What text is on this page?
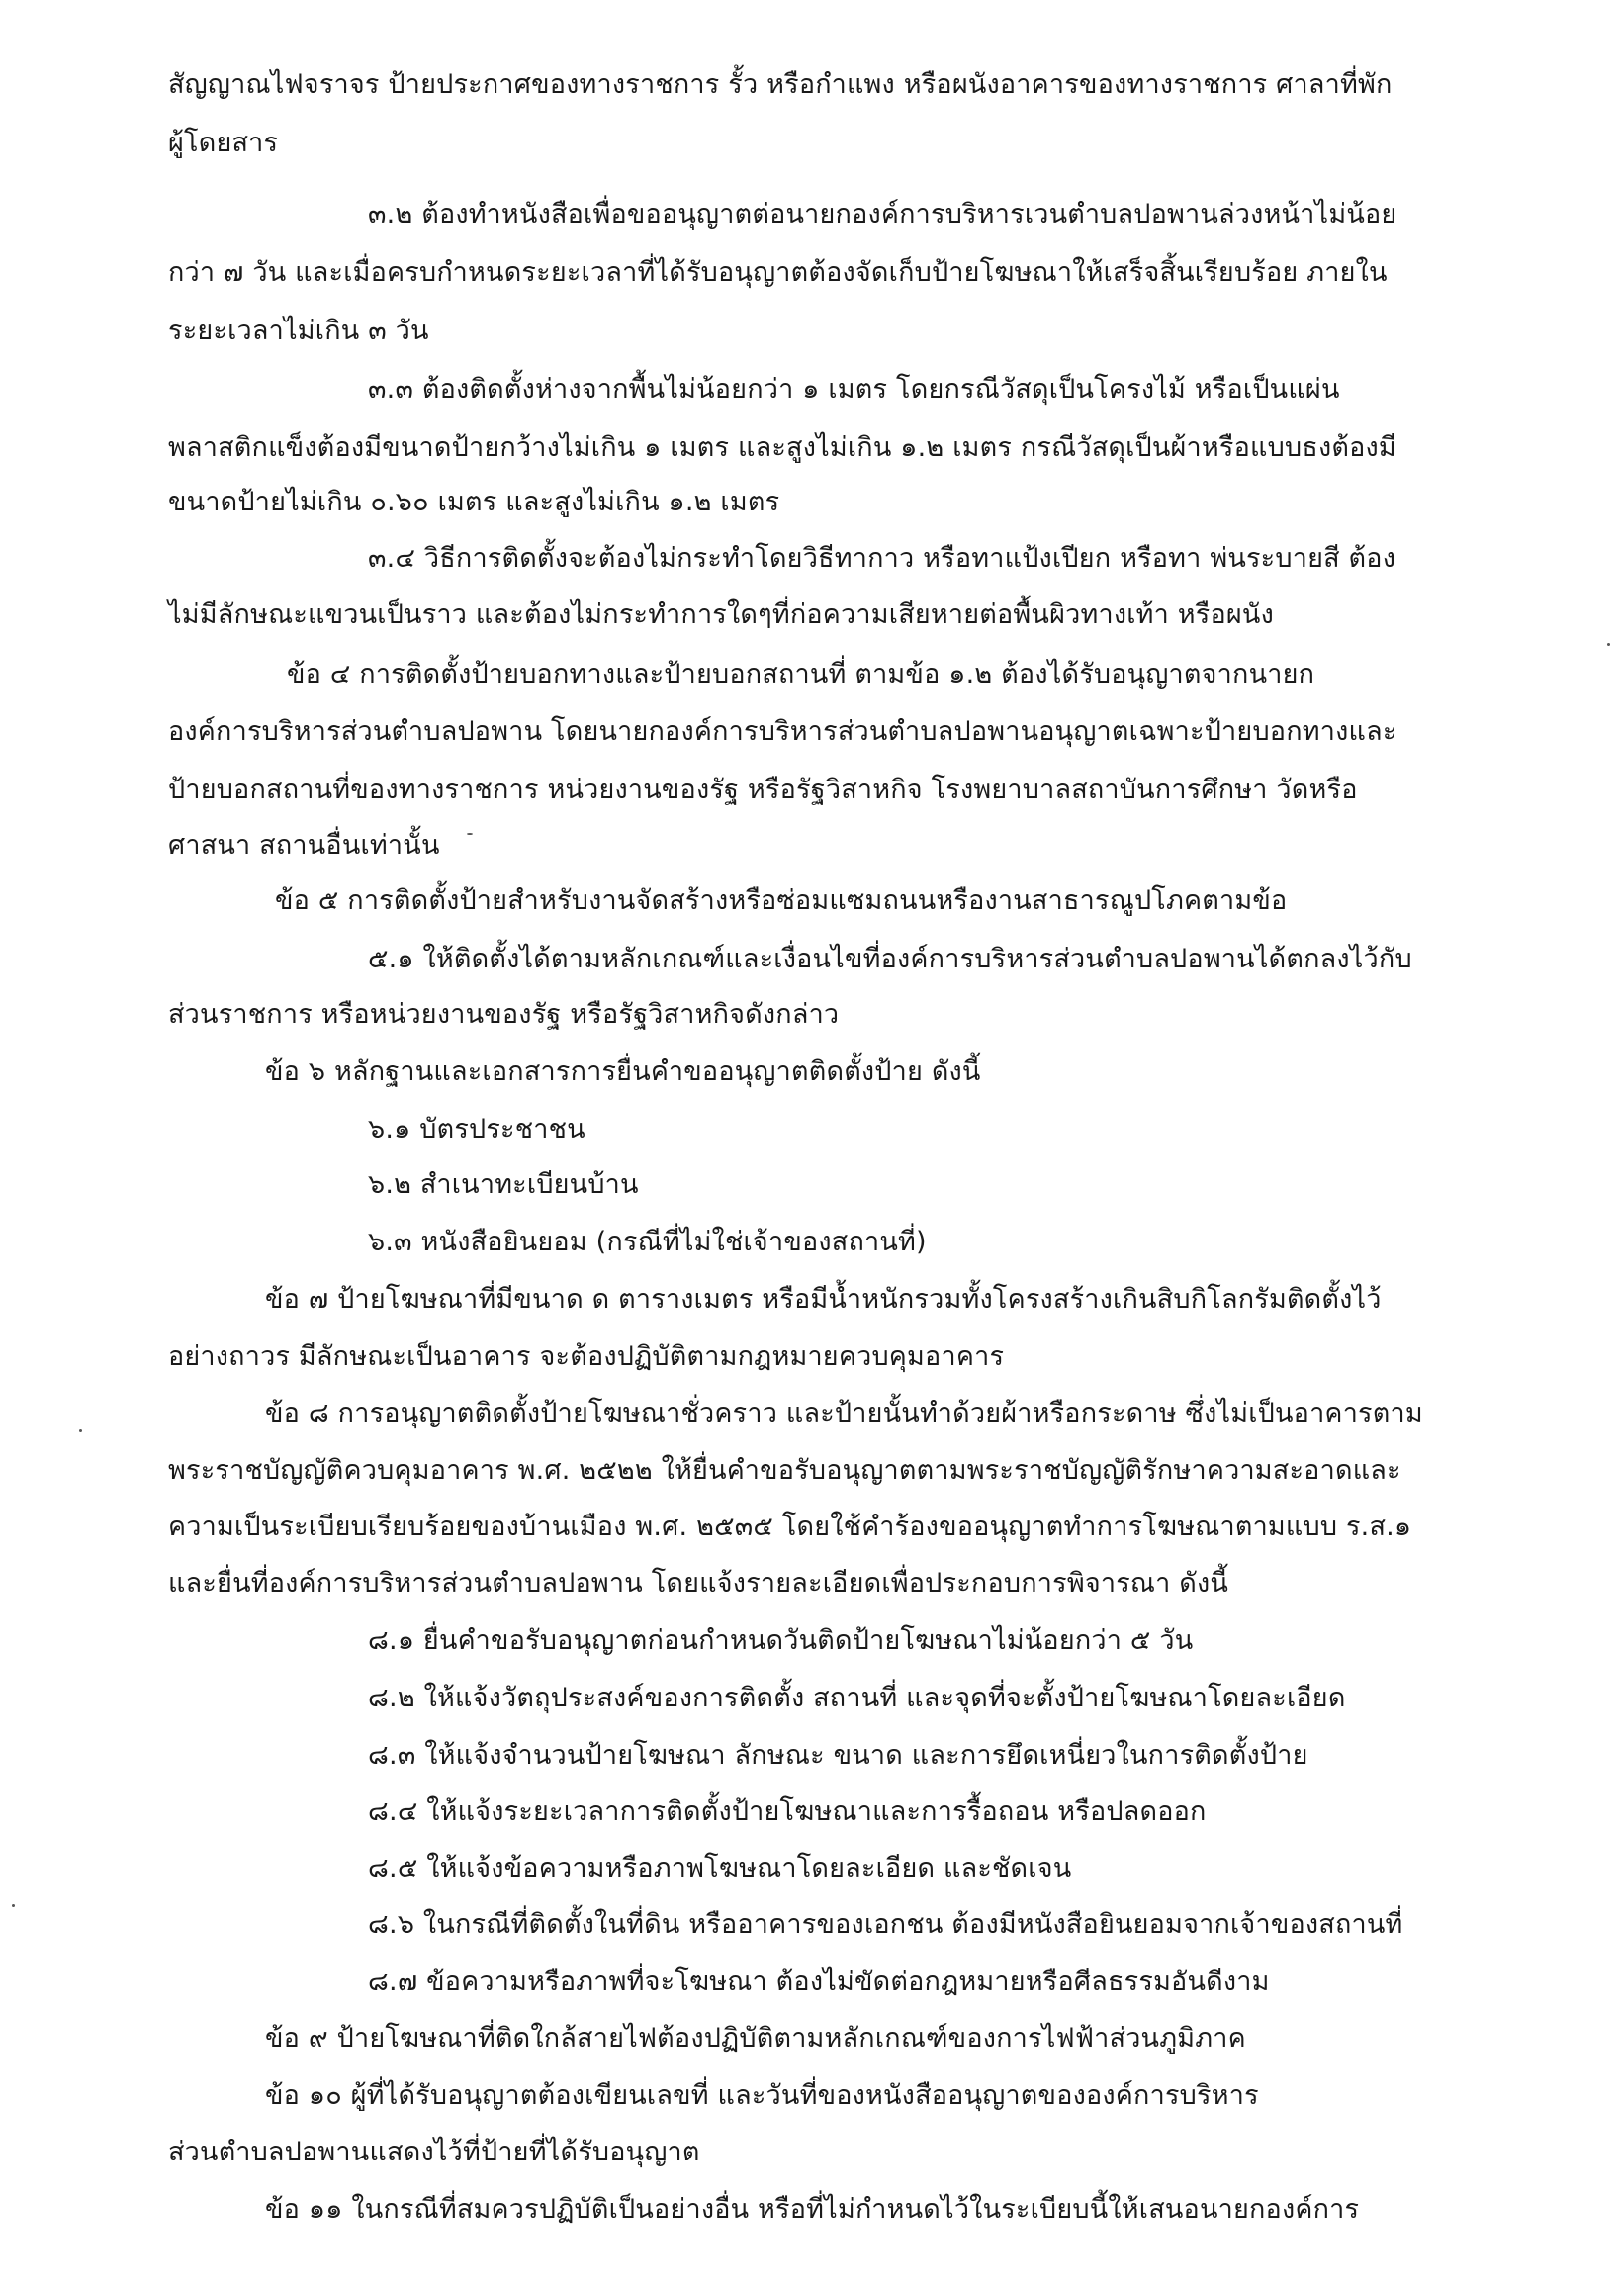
สัญญาณไฟจราจร ป้ายประกาศของทางราชการ รั้ว หรือกำแพง หรือผนังอาคารของทางราชการ ศาลาที่พัก
ผู้โดยสาร
๓.๒ ต้องทำหนังสือเพื่อขออนุญาตต่อนายกองค์การบริหารเวนตำบลปอพานล่วงหน้าไม่น้อย
กว่า ๗ วัน และเมื่อครบกำหนดระยะเวลาที่ได้รับอนุญาตต้องจัดเก็บป้ายโฆษณาให้เสร็จสิ้นเรียบร้อย ภายใน
ระยะเวลาไม่เกิน ๓ วัน
๓.๓ ต้องติดตั้งห่างจากพื้นไม่น้อยกว่า ๑ เมตร โดยกรณีวัสดุเป็นโครงไม้ หรือเป็นแผ่น
พลาสติกแข็งต้องมีขนาดป้ายกว้างไม่เกิน ๑ เมตร และสูงไม่เกิน ๑.๒ เมตร กรณีวัสดุเป็นผ้าหรือแบบธงต้องมี
ขนาดป้ายไม่เกิน ๐.๖๐ เมตร และสูงไม่เกิน ๑.๒ เมตร
๓.๔ วิธีการติดตั้งจะต้องไม่กระทำโดยวิธีทากาว หรือทาแป้งเปียก หรือทา พ่นระบายสี ต้อง
ไม่มีลักษณะแขวนเป็นราว และต้องไม่กระทำการใดๆที่ก่อความเสียหายต่อพื้นผิวทางเท้า หรือผนัง
ข้อ ๔ การติดตั้งป้ายบอกทางและป้ายบอกสถานที่ ตามข้อ ๑.๒ ต้องได้รับอนุญาตจากนายก
องค์การบริหารส่วนตำบลปอพาน โดยนายกองค์การบริหารส่วนตำบลปอพานอนุญาตเฉพาะป้ายบอกทางและ
ป้ายบอกสถานที่ของทางราชการ หน่วยงานของรัฐ หรือรัฐวิสาหกิจ โรงพยาบาลสถาบันการศึกษา วัดหรือ
ศาสนา สถานอื่นเท่านั้น
ข้อ ๕ การติดตั้งป้ายสำหรับงานจัดสร้างหรือซ่อมแซมถนนหรืองานสาธารณูปโภคตามข้อ
๕.๑ ให้ติดตั้งได้ตามหลักเกณฑ์และเงื่อนไขที่องค์การบริหารส่วนตำบลปอพานได้ตกลงไว้กับ
ส่วนราชการ หรือหน่วยงานของรัฐ หรือรัฐวิสาหกิจดังกล่าว
ข้อ ๖ หลักฐานและเอกสารการยื่นคำขออนุญาตติดตั้งป้าย ดังนี้
๖.๑ บัตรประชาชน
๖.๒ สำเนาทะเบียนบ้าน
๖.๓ หนังสือยินยอม (กรณีที่ไม่ใช่เจ้าของสถานที่)
ข้อ ๗ ป้ายโฆษณาที่มีขนาด ด ตารางเมตร หรือมีน้ำหนักรวมทั้งโครงสร้างเกินสิบกิโลกรัมติดตั้งไว้
อย่างถาวร มีลักษณะเป็นอาคาร จะต้องปฏิบัติตามกฎหมายควบคุมอาคาร
ข้อ ๘ การอนุญาตติดตั้งป้ายโฆษณาชั่วคราว และป้ายนั้นทำด้วยผ้าหรือกระดาษ ซึ่งไม่เป็นอาคารตาม
พระราชบัญญัติควบคุมอาคาร พ.ศ. ๒๕๒๒ ให้ยื่นคำขอรับอนุญาตตามพระราชบัญญัติรักษาความสะอาดและ
ความเป็นระเบียบเรียบร้อยของบ้านเมือง พ.ศ. ๒๕๓๕ โดยใช้คำร้องขออนุญาตทำการโฆษณาตามแบบ ร.ส.๑
และยื่นที่องค์การบริหารส่วนตำบลปอพาน โดยแจ้งรายละเอียดเพื่อประกอบการพิจารณา ดังนี้
๘.๑ ยื่นคำขอรับอนุญาตก่อนกำหนดวันติดป้ายโฆษณาไม่น้อยกว่า ๕ วัน
๘.๒ ให้แจ้งวัตถุประสงค์ของการติดตั้ง สถานที่ และจุดที่จะตั้งป้ายโฆษณาโดยละเอียด
๘.๓ ให้แจ้งจำนวนป้ายโฆษณา ลักษณะ ขนาด และการยึดเหนี่ยวในการติดตั้งป้าย
๘.๔ ให้แจ้งระยะเวลาการติดตั้งป้ายโฆษณาและการรื้อถอน หรือปลดออก
๘.๕ ให้แจ้งข้อความหรือภาพโฆษณาโดยละเอียด และชัดเจน
๘.๖ ในกรณีที่ติดตั้งในที่ดิน หรืออาคารของเอกชน ต้องมีหนังสือยินยอมจากเจ้าของสถานที่
๘.๗ ข้อความหรือภาพที่จะโฆษณา ต้องไม่ขัดต่อกฎหมายหรือศีลธรรมอันดีงาม
ข้อ ๙ ป้ายโฆษณาที่ติดใกล้สายไฟต้องปฏิบัติตามหลักเกณฑ์ของการไฟฟ้าส่วนภูมิภาค
ข้อ ๑๐ ผู้ที่ได้รับอนุญาตต้องเขียนเลขที่ และวันที่ของหนังสืออนุญาตขององค์การบริหาร
ส่วนตำบลปอพานแสดงไว้ที่ป้ายที่ได้รับอนุญาต
ข้อ ๑๑ ในกรณีที่สมควรปฏิบัติเป็นอย่างอื่น หรือที่ไม่กำหนดไว้ในระเบียบนี้ให้เสนอนายกองค์การ
